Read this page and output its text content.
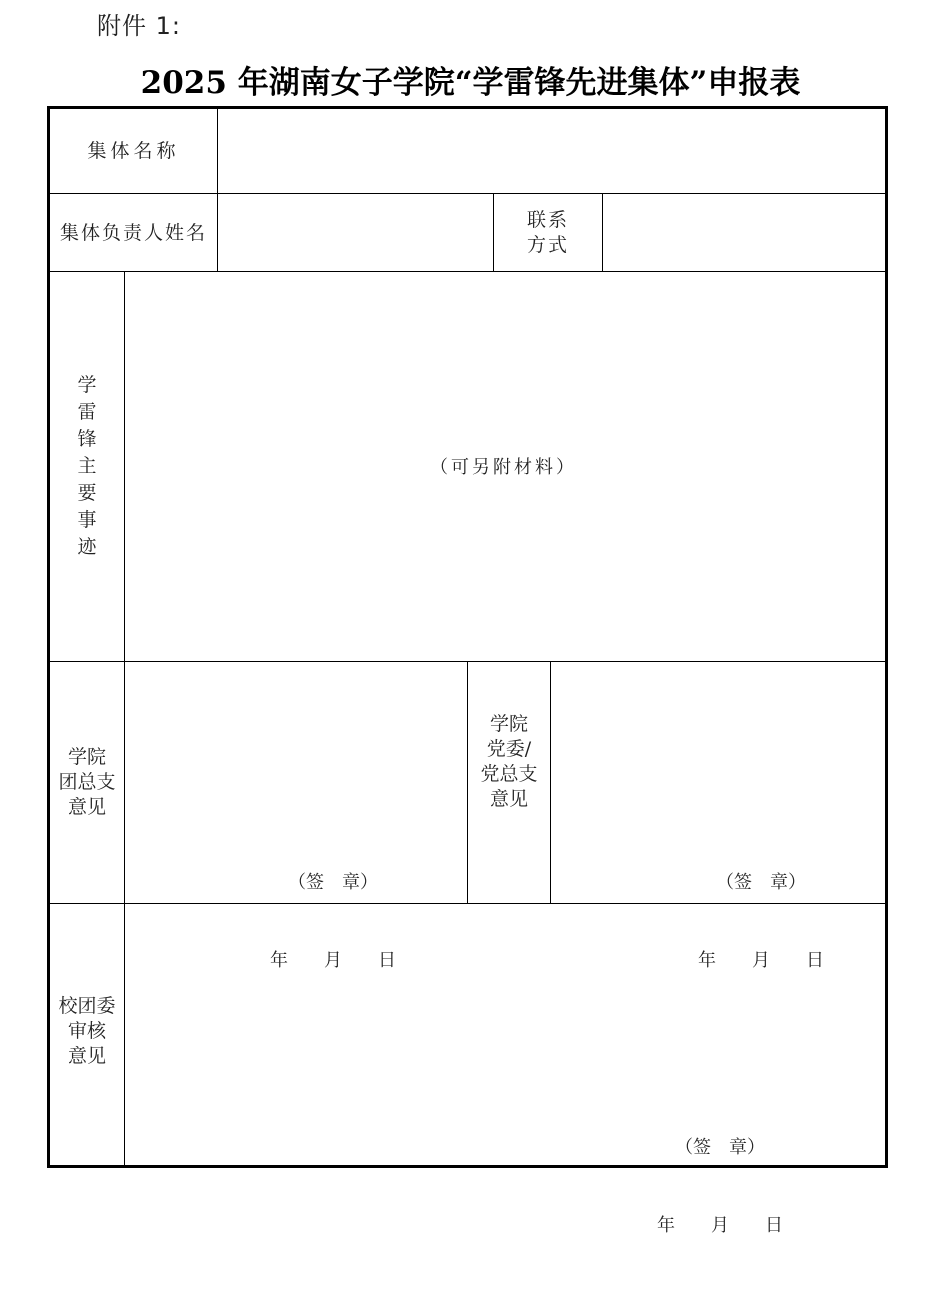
附件 1:
2025 年湖南女子学院“学雷锋先进集体”申报表
集体名称
集体负责人姓名
联系
方式
学
雷
锋
主
要
事
迹
（可另附材料）
学院
团总支
意见

（签　章）

年　　月　　日

学院
党委/
党总支
意见

（签　章）

年　　月　　日

校团委
审核
意见

（签　章）

年　　月　　日
